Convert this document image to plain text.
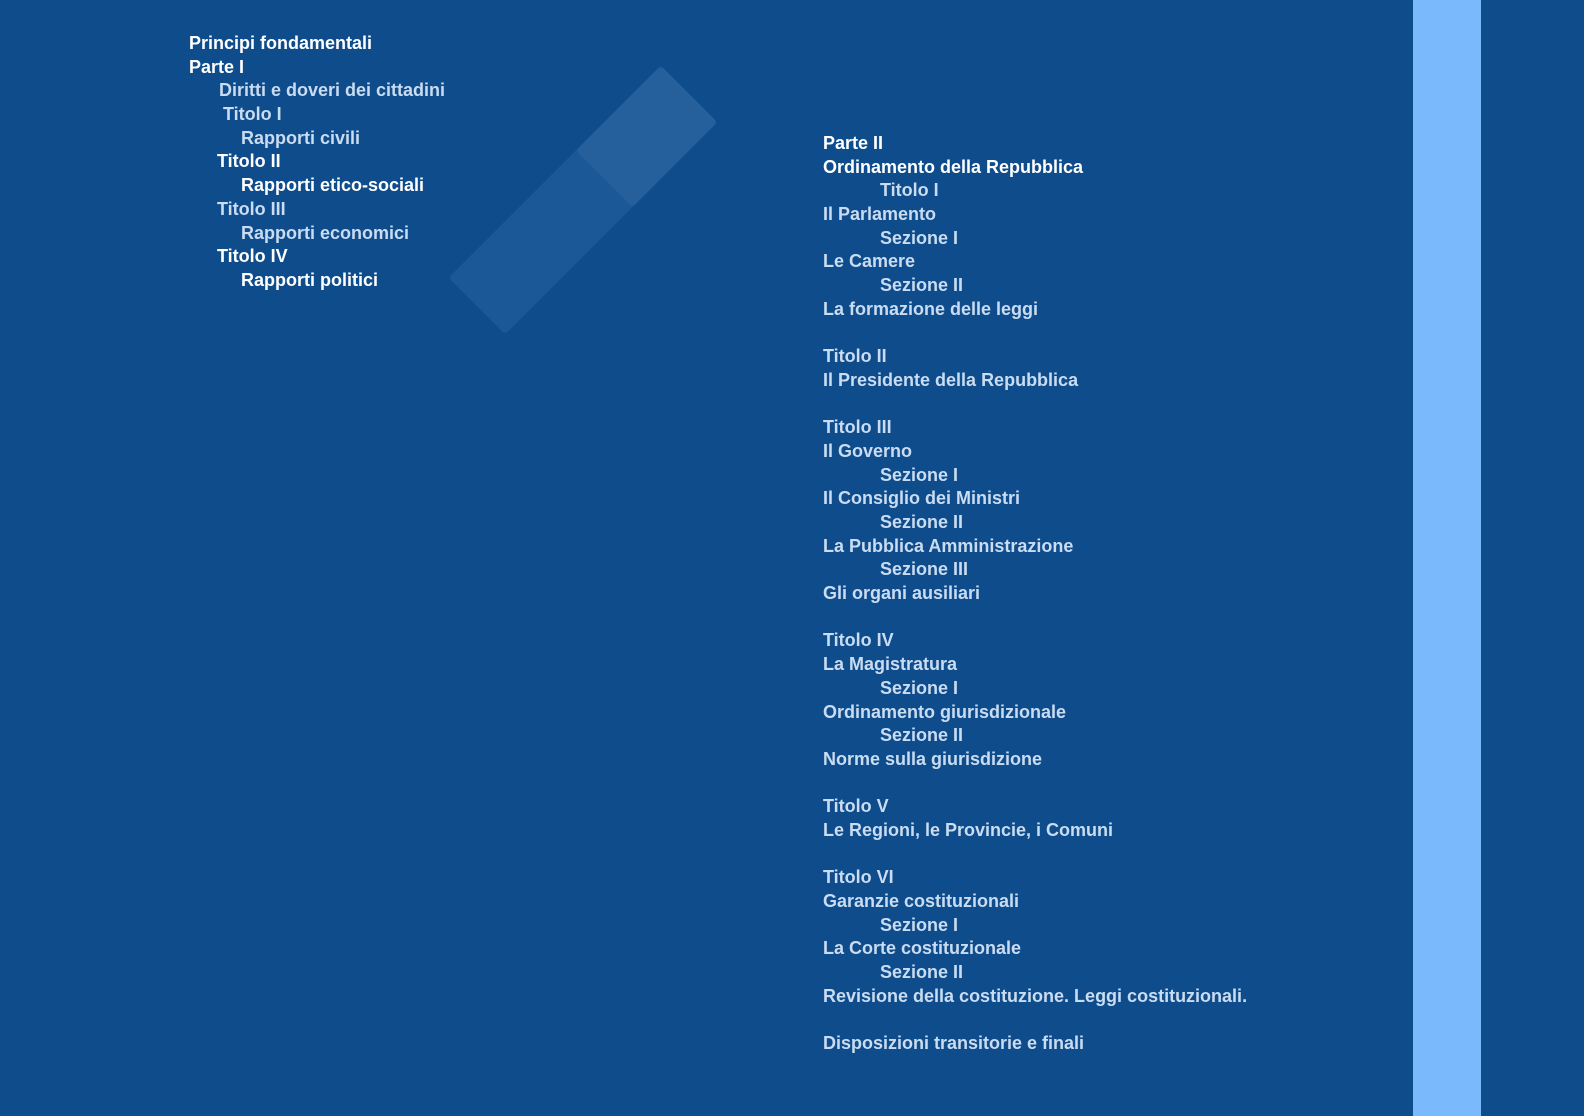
Principi fondamentali
Parte I
Diritti e doveri dei cittadini
Titolo I
Rapporti civili
Titolo II
Rapporti etico-sociali
Titolo III
Rapporti economici
Titolo IV
Rapporti politici
Parte II
Ordinamento della Repubblica
Titolo I
Il Parlamento
Sezione I
Le Camere
Sezione II
La formazione delle leggi
Titolo II
Il Presidente della Repubblica
Titolo III
Il Governo
Sezione I
Il Consiglio dei Ministri
Sezione II
La Pubblica Amministrazione
Sezione III
Gli organi ausiliari
Titolo IV
La Magistratura
Sezione I
Ordinamento giurisdizionale
Sezione II
Norme sulla giurisdizione
Titolo V
Le Regioni, le Provincie, i Comuni
Titolo VI
Garanzie costituzionali
Sezione I
La Corte costituzionale
Sezione II
Revisione della costituzione. Leggi costituzionali.
Disposizioni transitorie e finali
